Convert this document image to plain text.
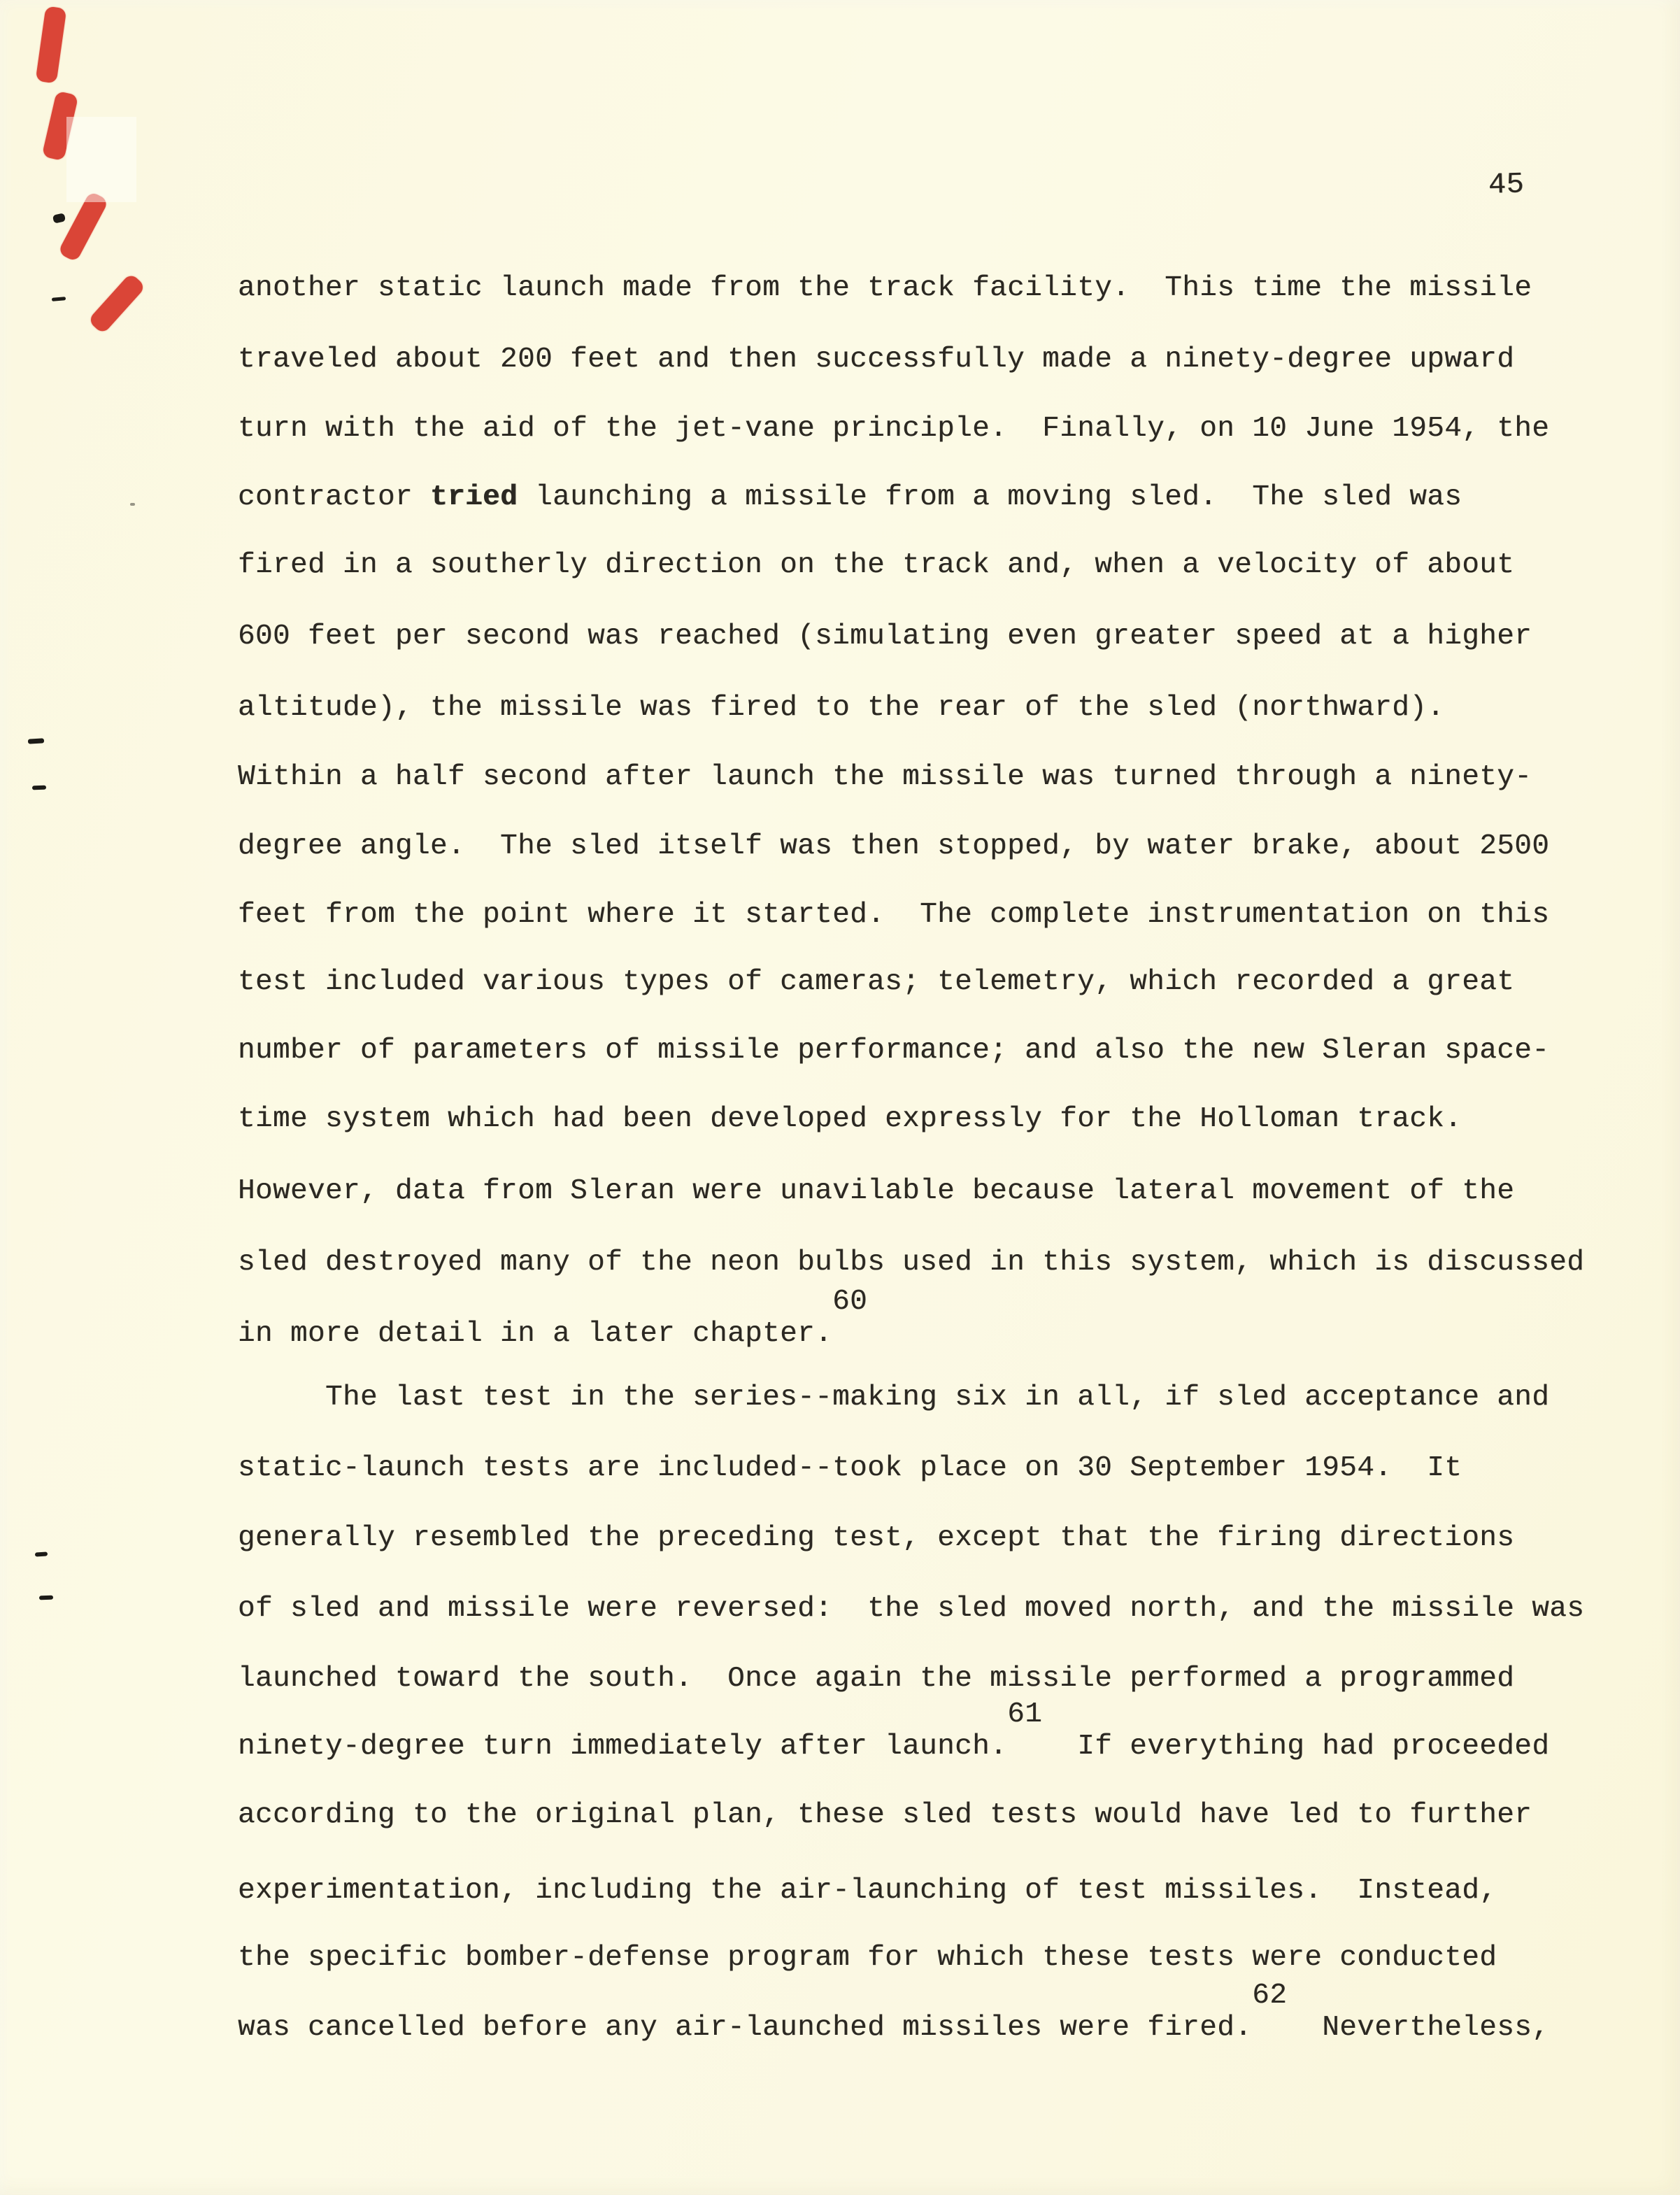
45
another static launch made from the track facility.  This time the missile
traveled about 200 feet and then successfully made a ninety-degree upward
turn with the aid of the jet-vane principle.  Finally, on 10 June 1954, the
contractor tried launching a missile from a moving sled.  The sled was
fired in a southerly direction on the track and, when a velocity of about
600 feet per second was reached (simulating even greater speed at a higher
altitude), the missile was fired to the rear of the sled (northward).
Within a half second after launch the missile was turned through a ninety-
degree angle.  The sled itself was then stopped, by water brake, about 2500
feet from the point where it started.  The complete instrumentation on this
test included various types of cameras; telemetry, which recorded a great
number of parameters of missile performance; and also the new Sleran space-
time system which had been developed expressly for the Holloman track.
However, data from Sleran were unavilable because lateral movement of the
sled destroyed many of the neon bulbs used in this system, which is discussed
in more detail in a later chapter.60
The last test in the series--making six in all, if sled acceptance and
static-launch tests are included--took place on 30 September 1954.  It
generally resembled the preceding test, except that the firing directions
of sled and missile were reversed:  the sled moved north, and the missile was
launched toward the south.  Once again the missile performed a programmed
ninety-degree turn immediately after launch.61  If everything had proceeded
according to the original plan, these sled tests would have led to further
experimentation, including the air-launching of test missiles.  Instead,
the specific bomber-defense program for which these tests were conducted
was cancelled before any air-launched missiles were fired.62  Nevertheless,
